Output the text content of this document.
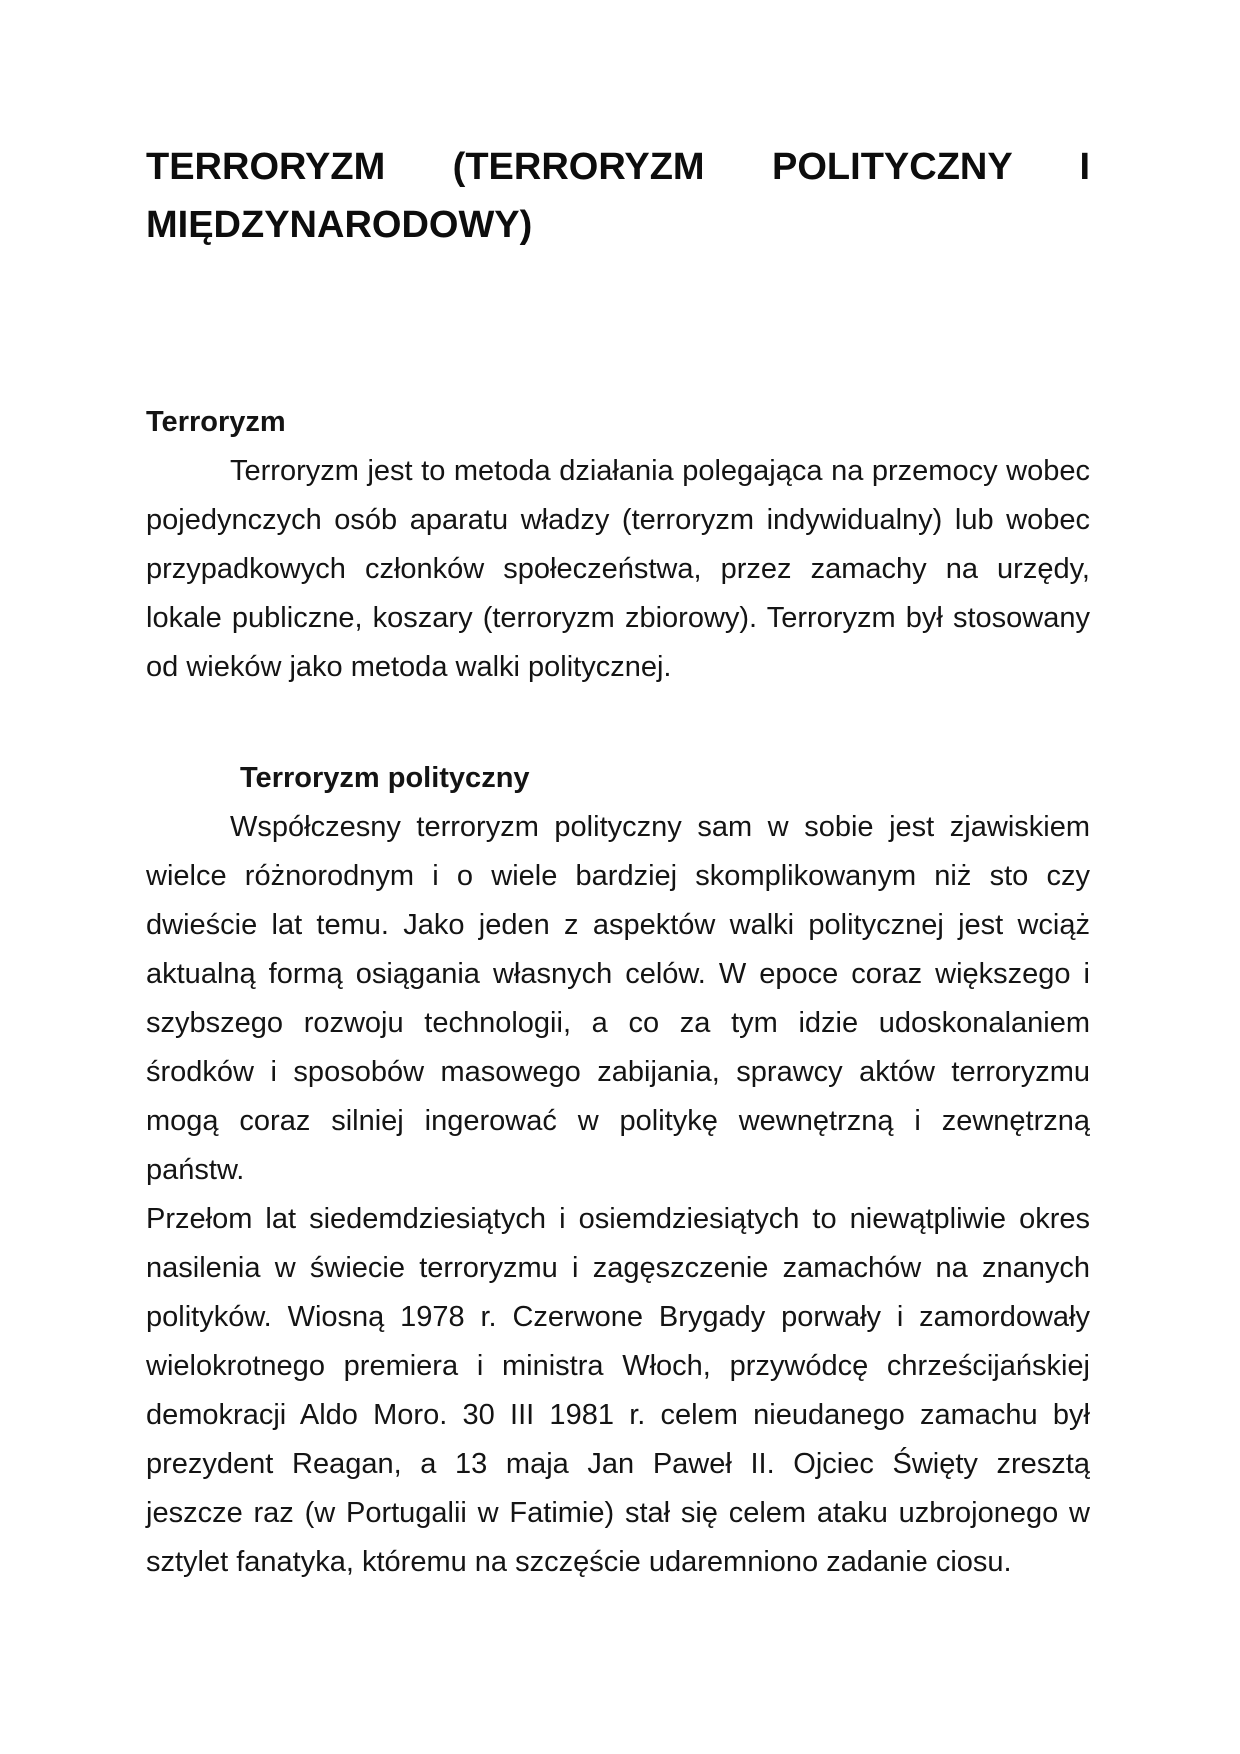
TERRORYZM (TERRORYZM POLITYCZNY I
MIĘDZYNARODOWY)
Terroryzm
Terroryzm jest to metoda działania polegająca na przemocy wobec
pojedynczych osób aparatu władzy (terroryzm indywidualny) lub wobec
przypadkowych członków społeczeństwa, przez zamachy na urzędy,
lokale publiczne, koszary (terroryzm zbiorowy). Terroryzm był stosowany
od wieków jako metoda walki politycznej.
Terroryzm polityczny
Współczesny terroryzm polityczny sam w sobie jest zjawiskiem
wielce różnorodnym i o wiele bardziej skomplikowanym niż sto czy
dwieście lat temu. Jako jeden z aspektów walki politycznej jest wciąż
aktualną formą osiągania własnych celów. W epoce coraz większego i
szybszego rozwoju technologii, a co za tym idzie udoskonalaniem
środków i sposobów masowego zabijania, sprawcy aktów terroryzmu
mogą coraz silniej ingerować w politykę wewnętrzną i zewnętrzną
państw.
Przełom lat siedemdziesiątych i osiemdziesiątych to niewątpliwie okres
nasilenia w świecie terroryzmu i zagęszczenie zamachów na znanych
polityków. Wiosną 1978 r. Czerwone Brygady porwały i zamordowały
wielokrotnego premiera i ministra Włoch, przywódcę chrześcijańskiej
demokracji Aldo Moro. 30 III 1981 r. celem nieudanego zamachu był
prezydent Reagan, a 13 maja Jan Paweł II. Ojciec Święty zresztą
jeszcze raz (w Portugalii w Fatimie) stał się celem ataku uzbrojonego w
sztylet fanatyka, któremu na szczęście udaremniono zadanie ciosu.
